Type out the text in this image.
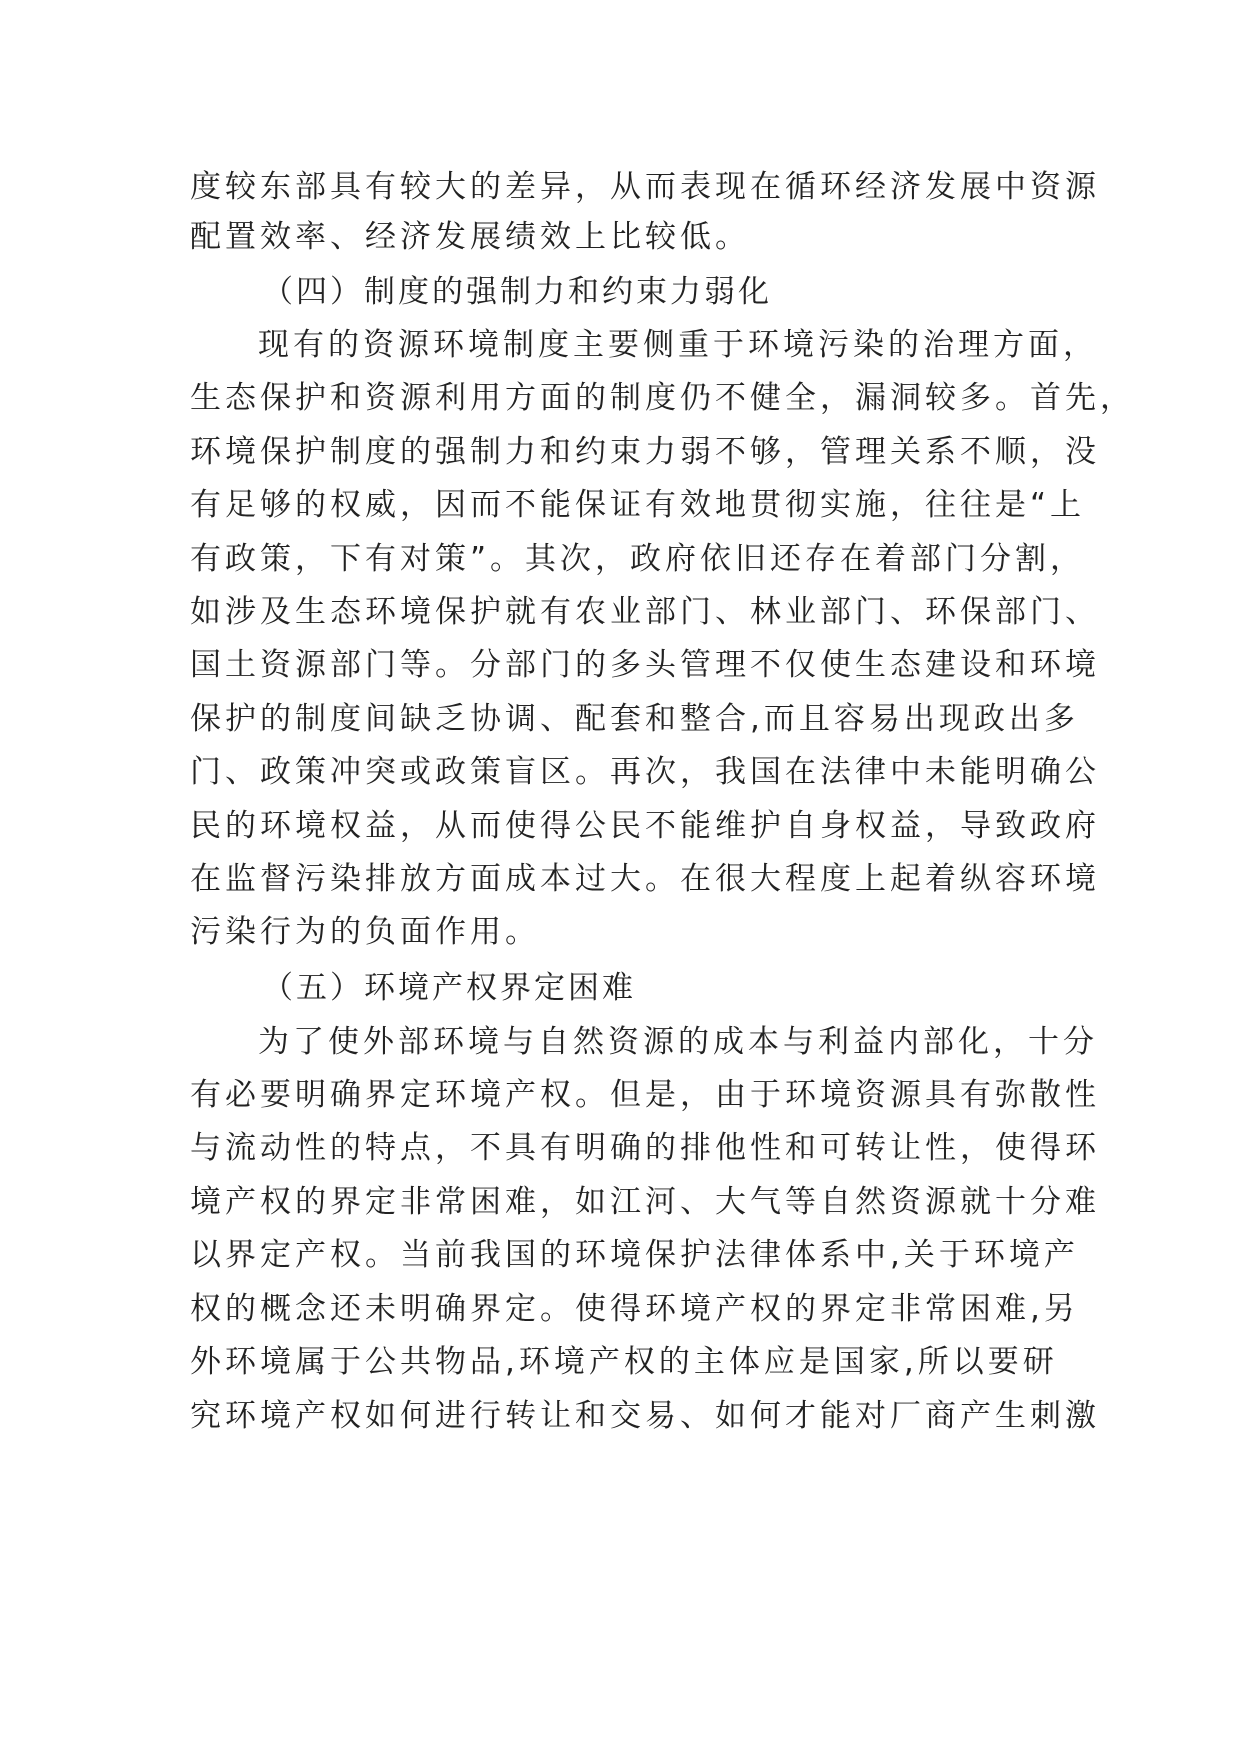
度较东部具有较大的差异，从而表现在循环经济发展中资源
配置效率、经济发展绩效上比较低。
（四）制度的强制力和约束力弱化
现有的资源环境制度主要侧重于环境污染的治理方面，
生态保护和资源利用方面的制度仍不健全，漏洞较多。首先，
环境保护制度的强制力和约束力弱不够，管理关系不顺，没
有足够的权威，因而不能保证有效地贯彻实施，往往是“上
有政策，下有对策”。其次，政府依旧还存在着部门分割，
如涉及生态环境保护就有农业部门、林业部门、环保部门、
国土资源部门等。分部门的多头管理不仅使生态建设和环境
保护的制度间缺乏协调、配套和整合,而且容易出现政出多
门、政策冲突或政策盲区。再次，我国在法律中未能明确公
民的环境权益，从而使得公民不能维护自身权益，导致政府
在监督污染排放方面成本过大。在很大程度上起着纵容环境
污染行为的负面作用。
（五）环境产权界定困难
为了使外部环境与自然资源的成本与利益内部化，十分
有必要明确界定环境产权。但是，由于环境资源具有弥散性
与流动性的特点，不具有明确的排他性和可转让性，使得环
境产权的界定非常困难，如江河、大气等自然资源就十分难
以界定产权。当前我国的环境保护法律体系中,关于环境产
权的概念还未明确界定。使得环境产权的界定非常困难,另
外环境属于公共物品,环境产权的主体应是国家,所以要研
究环境产权如何进行转让和交易、如何才能对厂商产生刺激
